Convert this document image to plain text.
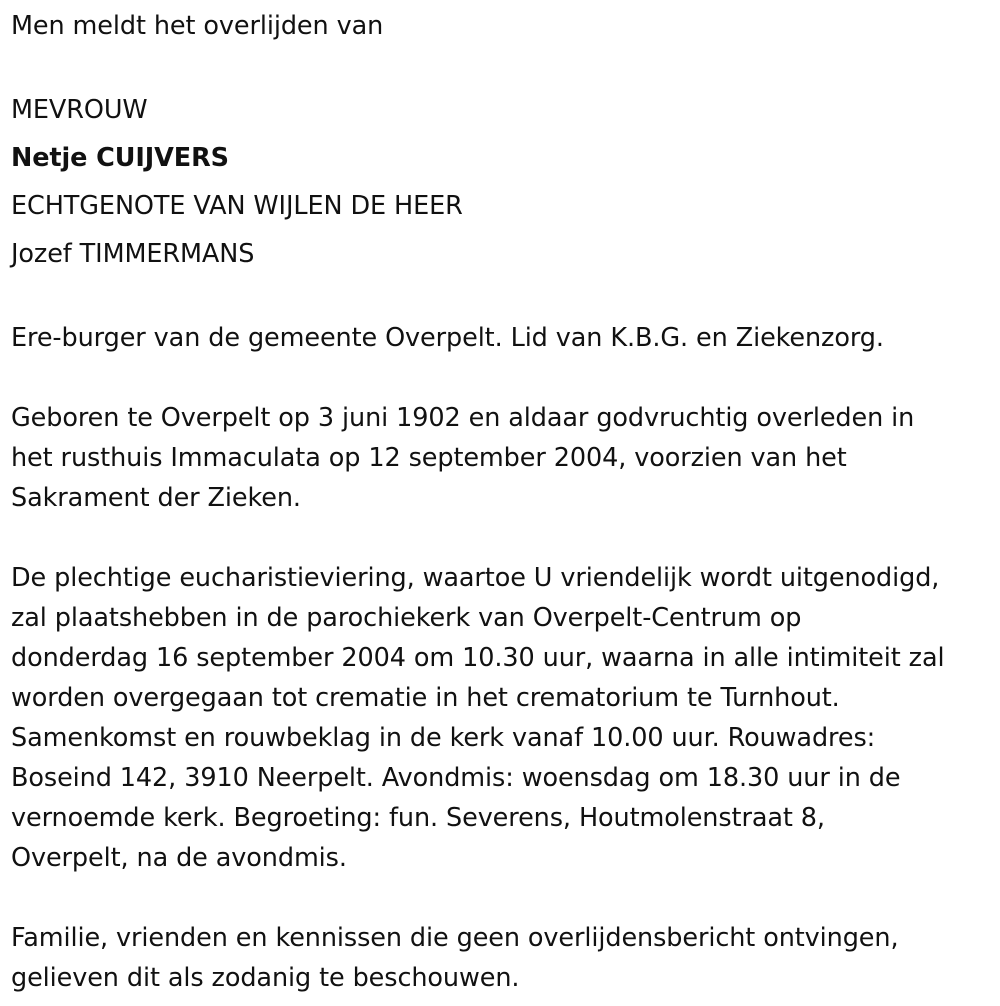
Men meldt het overlijden van
MEVROUW
Netje CUIJVERS
ECHTGENOTE VAN WIJLEN DE HEER
Jozef TIMMERMANS
Ere-burger van de gemeente Overpelt. Lid van K.B.G. en Ziekenzorg.
Geboren te Overpelt op 3 juni 1902 en aldaar godvruchtig overleden in
het rusthuis Immaculata op 12 september 2004, voorzien van het
Sakrament der Zieken.
De plechtige eucharistieviering, waartoe U vriendelijk wordt uitgenodigd,
zal plaatshebben in de parochiekerk van Overpelt-Centrum op
donderdag 16 september 2004 om 10.30 uur, waarna in alle intimiteit zal
worden overgegaan tot crematie in het crematorium te Turnhout.
Samenkomst en rouwbeklag in de kerk vanaf 10.00 uur. Rouwadres:
Boseind 142, 3910 Neerpelt. Avondmis: woensdag om 18.30 uur in de
vernoemde kerk. Begroeting: fun. Severens, Houtmolenstraat 8,
Overpelt, na de avondmis.
Familie, vrienden en kennissen die geen overlijdensbericht ontvingen,
gelieven dit als zodanig te beschouwen.
